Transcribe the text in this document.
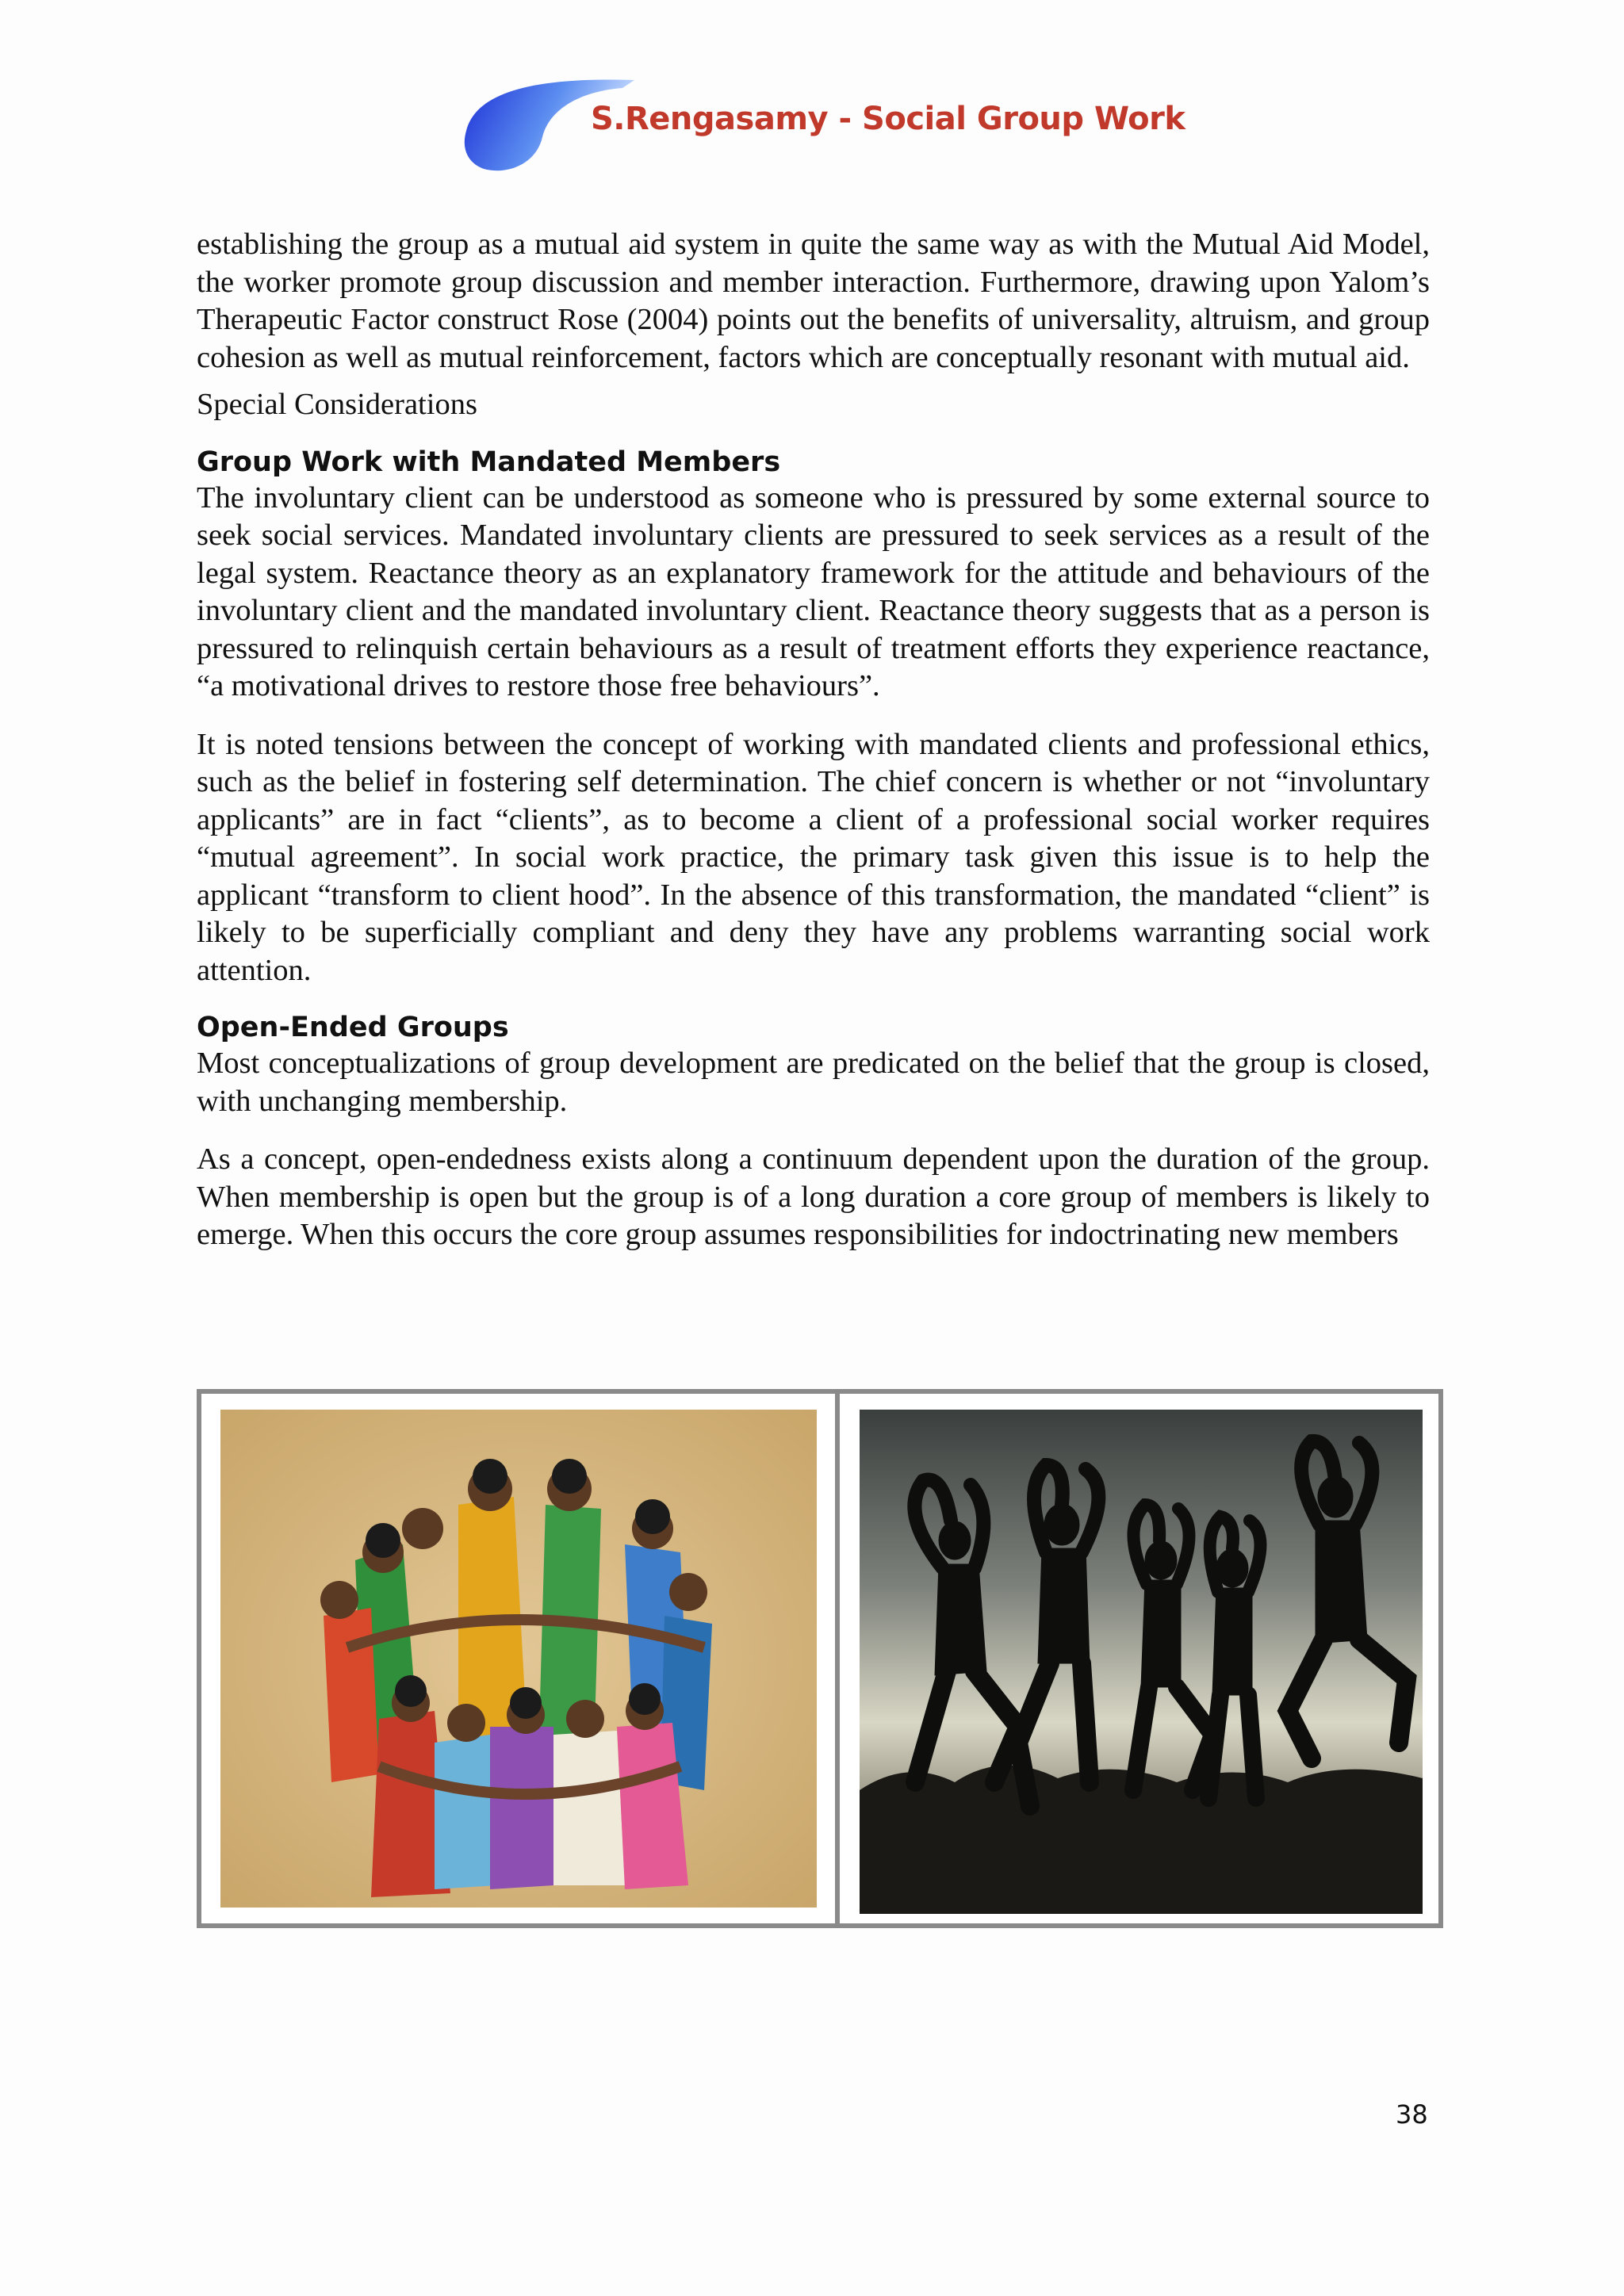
S.Rengasamy - Social Group Work

establishing the group as a mutual aid system in quite the same way as with the Mutual Aid Model, the worker promote group discussion and member interaction. Furthermore, drawing upon Yalom’s Therapeutic Factor construct Rose (2004) points out the benefits of universality, altruism, and group cohesion as well as mutual reinforcement, factors which are conceptually resonant with mutual aid.

Special Considerations

Group Work with Mandated Members

The involuntary client can be understood as someone who is pressured by some external source to seek social services. Mandated involuntary clients are pressured to seek services as a result of the legal system. Reactance theory as an explanatory framework for the attitude and behaviours of the involuntary client and the mandated involuntary client. Reactance theory suggests that as a person is pressured to relinquish certain behaviours as a result of treatment efforts they experience reactance, “a motivational drives to restore those free behaviours”.

It is noted tensions between the concept of working with mandated clients and professional ethics, such as the belief in fostering self determination. The chief concern is whether or not “involuntary applicants” are in fact “clients”, as to become a client of a professional social worker requires “mutual agreement”. In social work practice, the primary task given this issue is to help the applicant “transform to client hood”. In the absence of this transformation, the mandated “client” is likely to be superficially compliant and deny they have any problems warranting social work attention.

Open-Ended Groups

Most conceptualizations of group development are predicated on the belief that the group is closed, with unchanging membership.

As a concept, open-endedness exists along a continuum dependent upon the duration of the group. When membership is open but the group is of a long duration a core group of members is likely to emerge. When this occurs the core group assumes responsibilities for indoctrinating new members

38
